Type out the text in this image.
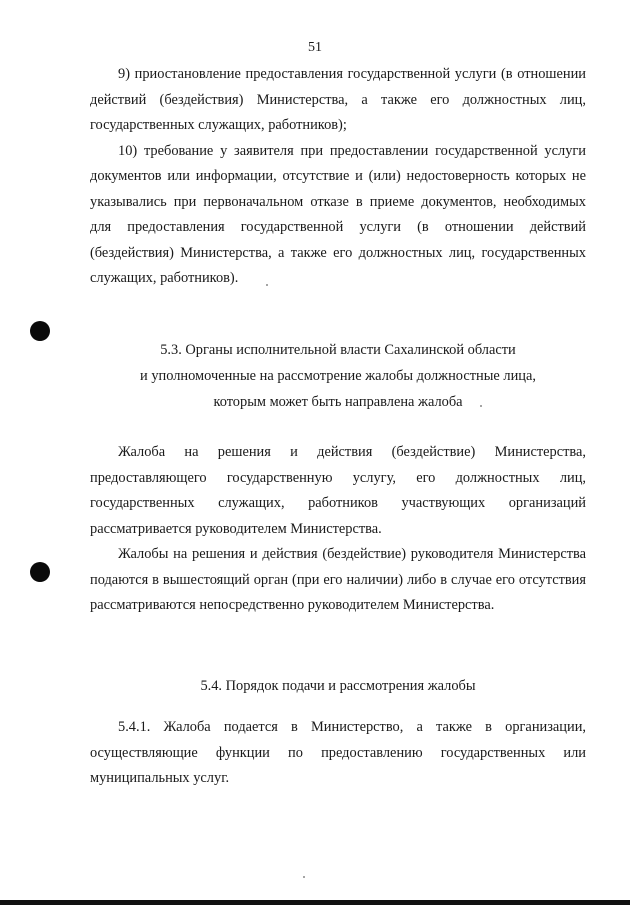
51

9) приостановление предоставления государственной услуги (в отношении действий (бездействия) Министерства, а также его должностных лиц, государственных служащих, работников);

10) требование у заявителя при предоставлении государственной услуги документов или информации, отсутствие и (или) недостоверность которых не указывались при первоначальном отказе в приеме документов, необходимых для предоставления государственной услуги (в отношении действий (бездействия) Министерства, а также его должностных лиц, государственных служащих, работников).

5.3. Органы исполнительной власти Сахалинской области
и уполномоченные на рассмотрение жалобы должностные лица,
которым может быть направлена жалоба

Жалоба на решения и действия (бездействие) Министерства, предоставляющего государственную услугу, его должностных лиц, государственных служащих, работников участвующих организаций рассматривается руководителем Министерства.

Жалобы на решения и действия (бездействие) руководителя Министерства подаются в вышестоящий орган (при его наличии) либо в случае его отсутствия рассматриваются непосредственно руководителем Министерства.

5.4. Порядок подачи и рассмотрения жалобы

5.4.1. Жалоба подается в Министерство, а также в организации, осуществляющие функции по предоставлению государственных или муниципальных услуг.
